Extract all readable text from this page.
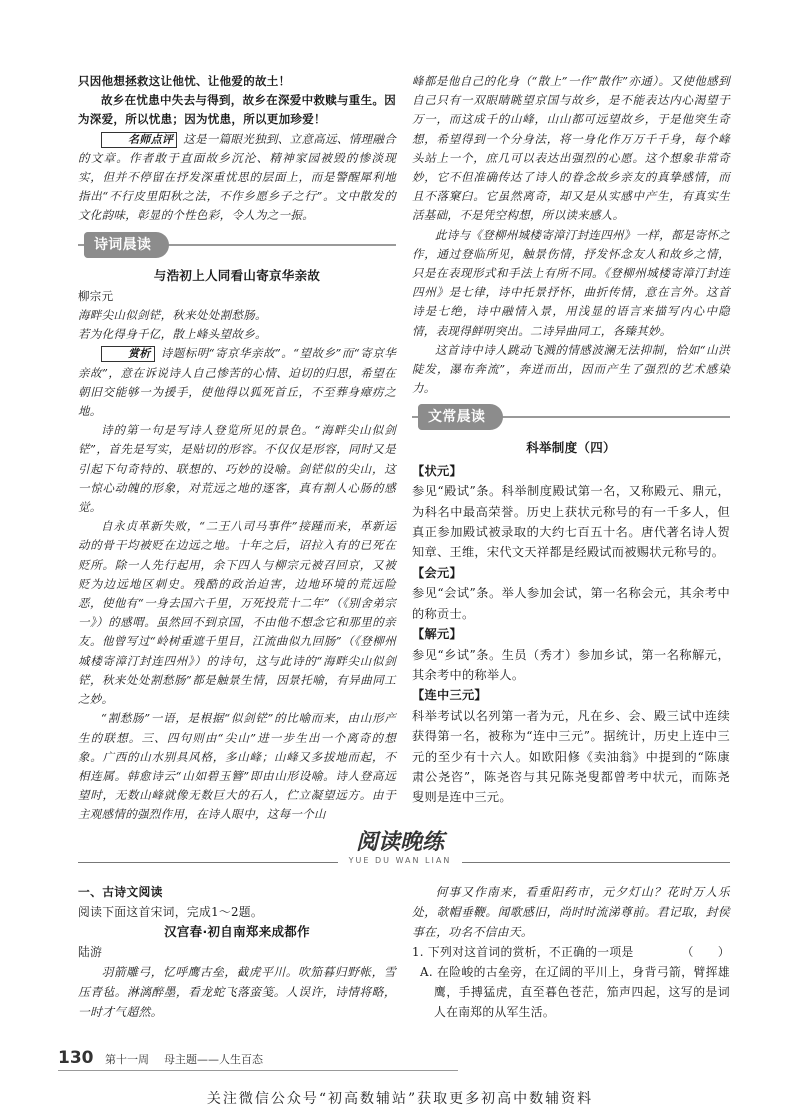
只因他想拯救这让他忧、让他爱的故土！

故乡在忧患中失去与得到，故乡在深爱中救赎与重生。因为深爱，所以忧患；因为忧患，所以更加珍爱！

名师点评 这是一篇眼光独到、立意高远、情理融合的文章。作者敢于直面故乡沉沦、精神家园被毁的惨淡现实，但并不停留在抒发深重忧思的层面上，而是警醒犀利地指出“不行皮里阳秋之法，不作乡愿乡子之行”。文中散发的文化韵味，彰显的个性色彩，令人为之一振。

诗词晨读
与浩初上人同看山寄京华亲故

柳宗元

海畔尖山似剑铓，秋来处处割愁肠。

若为化得身千亿，散上峰头望故乡。

赏析 诗题标明“寄京华亲故”。“望故乡”而“寄京华亲故”，意在诉说诗人自己惨苦的心情、迫切的归思，希望在朝旧交能够一为援手，使他得以狐死首丘，不至葬身瘴疠之地。

诗的第一句是写诗人登览所见的景色。“海畔尖山似剑铓”，首先是写实，是贴切的形容。不仅仅是形容，同时又是引起下句奇特的、联想的、巧妙的设喻。剑铓似的尖山，这一惊心动魄的形象，对荒远之地的逐客，真有割人心肠的感觉。

自永贞革新失败，“二王八司马事件”接踵而来，革新运动的骨干均被贬在边远之地。十年之后，诏拉入有的已死在贬所。除一人先行起用，余下四人与柳宗元被召回京，又被贬为边远地区刺史。残酷的政治迫害，边地环境的荒远险恶，使他有“一身去国六千里，万死投荒十二年”（《别舍弟宗一》）的感喟。虽然回不到京国，不由他不想念它和那里的亲友。他曾写过“岭树重遮千里目，江流曲似九回肠”（《登柳州城楼寄漳汀封连四州》）的诗句，这与此诗的“海畔尖山似剑铓，秋来处处割愁肠”都是触景生情，因景托喻，有异曲同工之妙。

“割愁肠”一语，是根据“似剑铓”的比喻而来，由山形产生的联想。三、四句则由“尖山”进一步生出一个离奇的想象。广西的山水别具风格，多山峰；山峰又多拔地而起，不相连属。韩愈诗云“山如碧玉簪”即由山形设喻。诗人登高远望时，无数山峰就像无数巨大的石人，伫立凝望远方。由于主观感情的强烈作用，在诗人眼中，这每一个山

峰都是他自己的化身（“散上”一作“散作”亦通）。又使他感到自己只有一双眼睛眺望京国与故乡，是不能表达内心渴望于万一，而这成千的山峰，山山都可远望故乡，于是他突生奇想，希望得到一个分身法，将一身化作万万千千身，每个峰头站上一个，庶几可以表达出强烈的心愿。这个想象非常奇妙，它不但准确传达了诗人的眷念故乡亲友的真挚感情，而且不落窠臼。它虽然离奇，却又是从实感中产生，有真实生活基础，不是凭空构想，所以读来感人。

此诗与《登柳州城楼寄漳汀封连四州》一样，都是寄怀之作，通过登临所见，触景伤情，抒发怀念友人和故乡之情，只是在表现形式和手法上有所不同。《登柳州城楼寄漳汀封连四州》是七律，诗中托景抒怀，曲折传情，意在言外。这首诗是七绝，诗中融情入景，用浅显的语言来描写内心中隐情，表现得鲜明突出。二诗异曲同工，各臻其妙。

这首诗中诗人跳动飞溅的情感波澜无法抑制，恰如“山洪陡发，瀑布奔流”，奔迸而出，因而产生了强烈的艺术感染力。

文常晨读
科举制度（四）

【状元】

参见“殿试”条。科举制度殿试第一名，又称殿元、鼎元，为科名中最高荣誉。历史上获状元称号的有一千多人，但真正参加殿试被录取的大约七百五十名。唐代著名诗人贺知章、王维，宋代文天祥都是经殿试而被赐状元称号的。

【会元】

参见“会试”条。举人参加会试，第一名称会元，其余考中的称贡士。

【解元】

参见“乡试”条。生员（秀才）参加乡试，第一名称解元，其余考中的称举人。

【连中三元】

科举考试以名列第一者为元，凡在乡、会、殿三试中连续获得第一名，被称为“连中三元”。据统计，历史上连中三元的至少有十六人。如欧阳修《卖油翁》中提到的“陈康肃公尧咨”，陈尧咨与其兄陈尧叟都曾考中状元，而陈尧叟则是连中三元。

阅读晚练
YUE DU WAN LIAN

一、古诗文阅读

阅读下面这首宋词，完成1～2题。

汉宫春·初自南郑来成都作

陆游

羽箭雕弓，忆呼鹰古垒，截虎平川。吹笳暮归野帐，雪压青毡。淋漓醉墨，看龙蛇飞落蛮笺。人误许，诗情将略，一时才气超然。

何事又作南来，看重阳药市，元夕灯山？花时万人乐处，欹帽垂鞭。闻歌感旧，尚时时流涕尊前。君记取，封侯事在，功名不信由天。

1. 下列对这首词的赏析，不正确的一项是	（　　）

A. 在险峻的古垒旁，在辽阔的平川上，身背弓箭，臂挥雄鹰，手搏猛虎，直至暮色苍茫，笳声四起，这写的是词人在南郑的从军生活。

130 第十一周 母主题——人生百态
关注微信公众号“初高数辅站”获取更多初高中数辅资料
